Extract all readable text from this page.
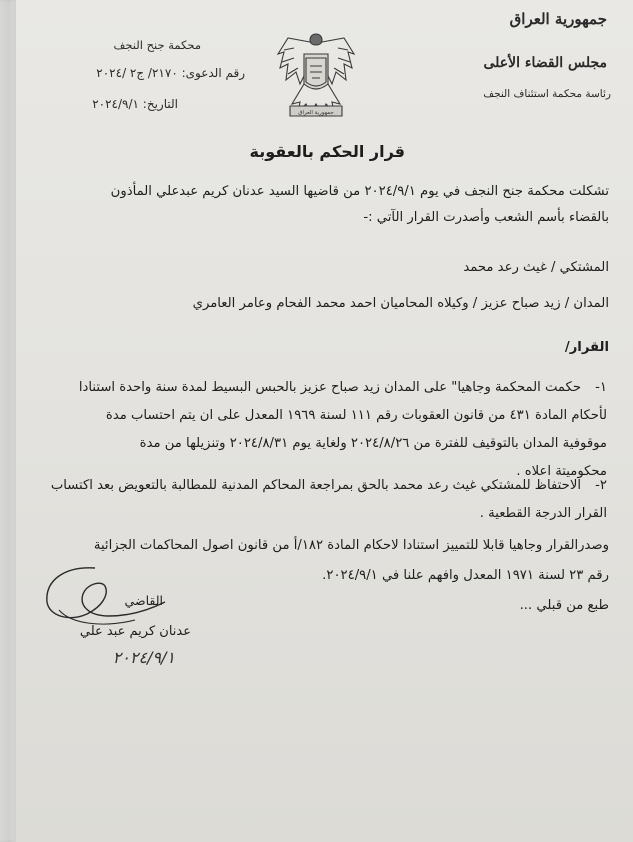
جمهورية العراق

مجلس القضاء الأعلى

رئاسة محكمة استئناف النجف

جمهورية العراق

محكمة جنح النجف

رقم الدعوى: ٢١٧٠/ ج٢ /٢٠٢٤

التاريخ: ٢٠٢٤/٩/١

قرار الحكم بالعقوبة

تشكلت محكمة جنح النجف في يوم ٢٠٢٤/٩/١ من قاضيها السيد عدنان كريم عبدعلي المأذون

بالقضاء بأسم الشعب وأصدرت القرار الآتي :-

المشتكي / غيث رعد محمد

المدان / زيد صباح عزيز / وكيلاه المحاميان احمد محمد الفحام وعامر العامري

القرار/

١-

حكمت المحكمة وجاهيا" على المدان زيد صباح عزيز بالحبس البسيط لمدة سنة واحدة استنادا

لأحكام المادة ٤٣١ من قانون العقوبات رقم ١١١ لسنة ١٩٦٩ المعدل على ان يتم احتساب مدة

موقوفية المدان بالتوقيف للفترة من ٢٠٢٤/٨/٢٦ ولغاية يوم ٢٠٢٤/٨/٣١ وتنزيلها من مدة

محكوميتة اعلاه .

٢-

الاحتفاظ للمشتكي غيث رعد محمد بالحق بمراجعة المحاكم المدنية للمطالبة بالتعويض بعد اكتساب

القرار الدرجة القطعية .

وصدرالقرار وجاهيا قابلا للتمييز استنادا لاحكام المادة ١٨٢/أ من قانون اصول المحاكمات الجزائية

رقم ٢٣ لسنة ١٩٧١ المعدل وافهم علنا في ٢٠٢٤/٩/١.

طبع من قبلي ...

القاضي

عدنان كريم عبد علي

٢٠٢٤/٩/١
